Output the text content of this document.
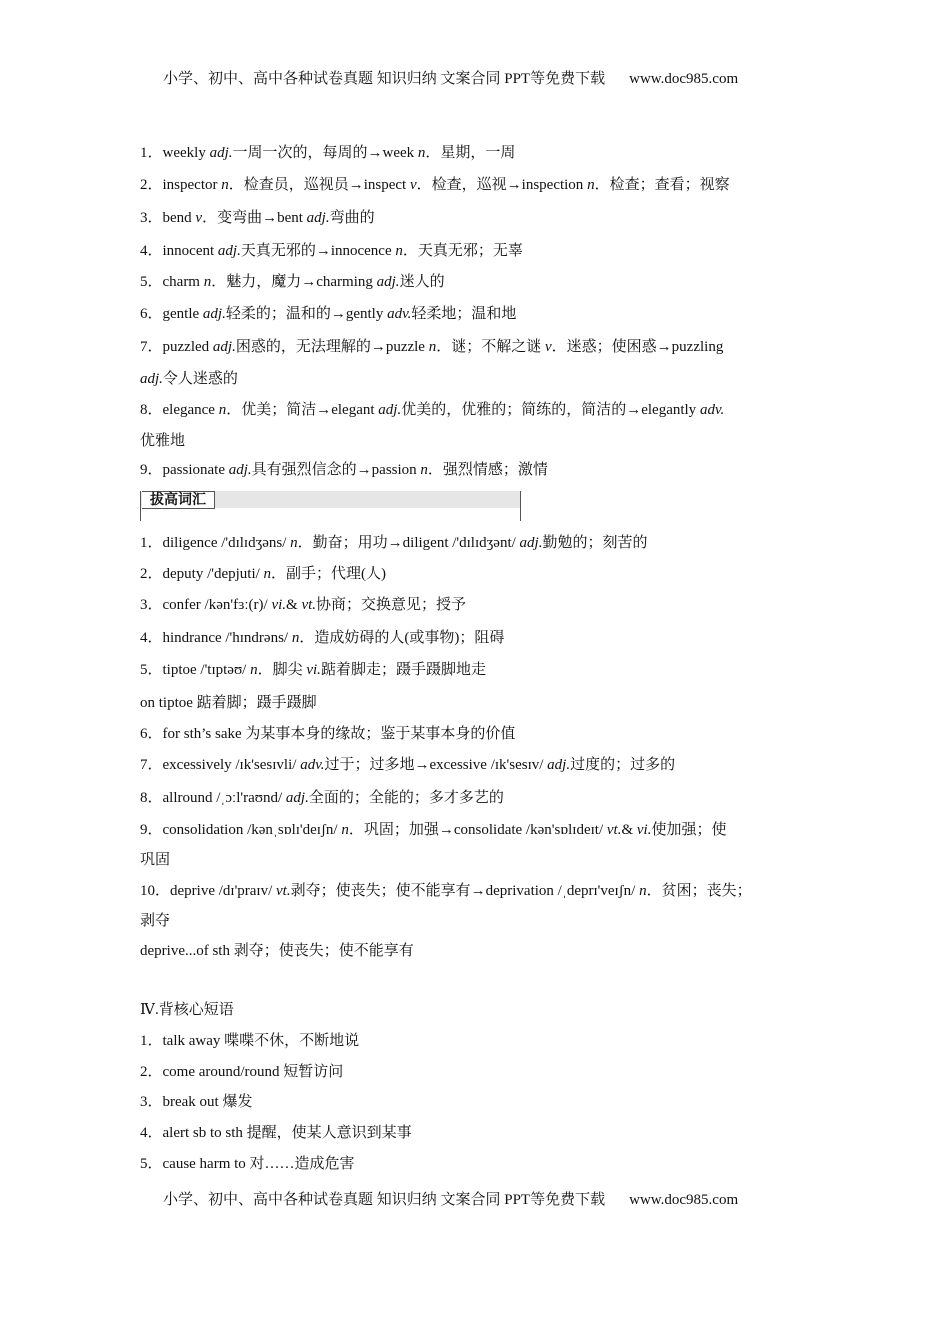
小学、初中、高中各种试卷真题 知识归纳 文案合同 PPT等免费下载 www.doc985.com
拔高词汇
1．weekly adj.一周一次的，每周的→week n．星期，一周
2．inspector n．检查员，巡视员→inspect v．检查，巡视→inspection n．检查；查看；视察
3．bend v．变弯曲→bent adj.弯曲的
4．innocent adj.天真无邪的→innocence n．天真无邪；无辜
5．charm n．魅力，魔力→charming adj.迷人的
6．gentle adj.轻柔的；温和的→gently adv.轻柔地；温和地
7．puzzled adj.困惑的，无法理解的→puzzle n．谜；不解之谜 v．迷惑；使困惑→puzzling
adj.令人迷惑的
8．elegance n．优美；简洁→elegant adj.优美的，优雅的；简练的，简洁的→elegantly adv.
优雅地
9．passionate adj.具有强烈信念的→passion n．强烈情感；激情
1．diligence /'dɪlɪdʒəns/ n．勤奋；用功→diligent /'dɪlɪdʒənt/ adj.勤勉的；刻苦的
2．deputy /'depjuti/ n．副手；代理(人)
3．confer /kən'fɜː(r)/ vi.& vt.协商；交换意见；授予
4．hindrance /'hɪndrəns/ n．造成妨碍的人(或事物)；阻碍
5．tiptoe /'tɪptəʊ/ n．脚尖 vi.踮着脚走；蹑手蹑脚地走
on tiptoe 踮着脚；蹑手蹑脚
6．for sth’s sake 为某事本身的缘故；鉴于某事本身的价值
7．excessively /ɪk'sesɪvli/ adv.过于；过多地→excessive /ɪk'sesɪv/ adj.过度的；过多的
8．allround /ˌɔːl'raʊnd/ adj.全面的；全能的；多才多艺的
9．consolidation /kənˌsɒlɪ'deɪʃn/ n．巩固；加强→consolidate /kən'sɒlɪdeɪt/ vt.& vi.使加强；使
巩固
10．deprive /dɪ'praɪv/ vt.剥夺；使丧失；使不能享有→deprivation /ˌdeprɪ'veɪʃn/ n．贫困；丧失；
剥夺
deprive...of sth 剥夺；使丧失；使不能享有
Ⅳ.背核心短语
1．talk away 喋喋不休，不断地说
2．come around/round 短暂访问
3．break out 爆发
4．alert sb to sth 提醒，使某人意识到某事
5．cause harm to 对……造成危害
小学、初中、高中各种试卷真题 知识归纳 文案合同 PPT等免费下载 www.doc985.com
